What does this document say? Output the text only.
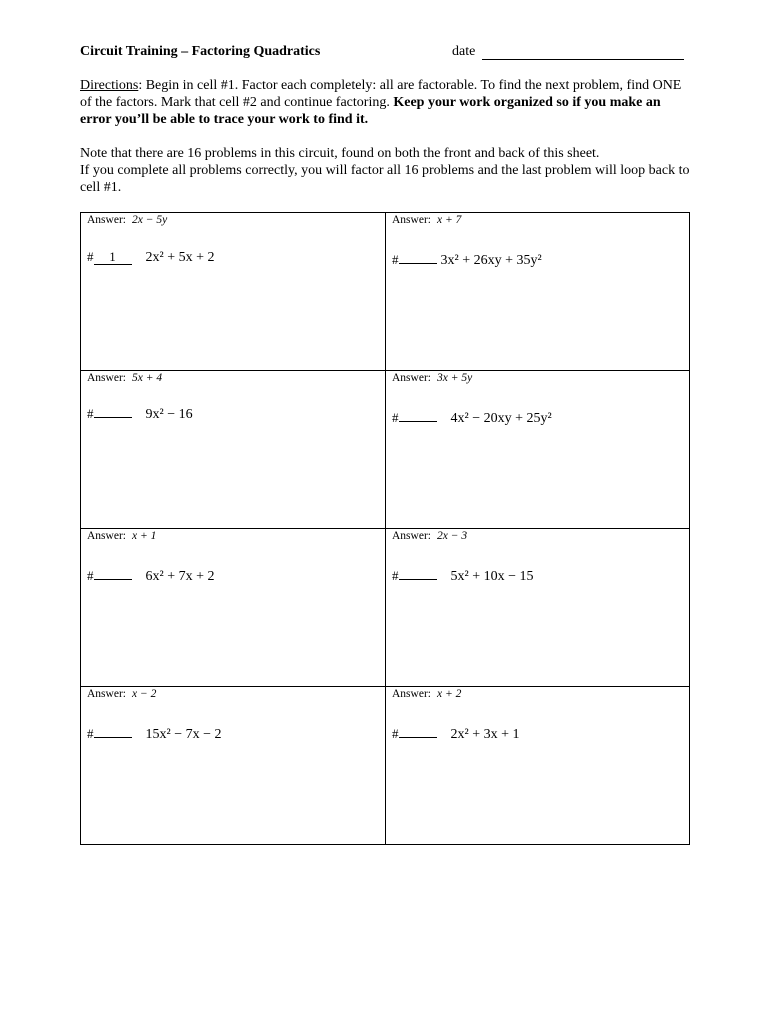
Circuit Training – Factoring Quadratics	date
Directions: Begin in cell #1. Factor each completely: all are factorable. To find the next problem, find ONE of the factors. Mark that cell #2 and continue factoring. Keep your work organized so if you make an error you’ll be able to trace your work to find it.
Note that there are 16 problems in this circuit, found on both the front and back of this sheet.
If you complete all problems correctly, you will factor all 16 problems and the last problem will loop back to cell #1.
Answer: 2x − 5y
# 1 2x² + 5x + 2
Answer: x + 7
#	3x² + 26xy + 35y²
Answer: 5x + 4
#	9x² − 16
Answer: 3x + 5y
#	4x² − 20xy + 25y²
Answer: x + 1
#	6x² + 7x + 2
Answer: 2x − 3
#	5x² + 10x − 15
Answer: x − 2
#	15x² − 7x − 2
Answer: x + 2
#	2x² + 3x + 1
